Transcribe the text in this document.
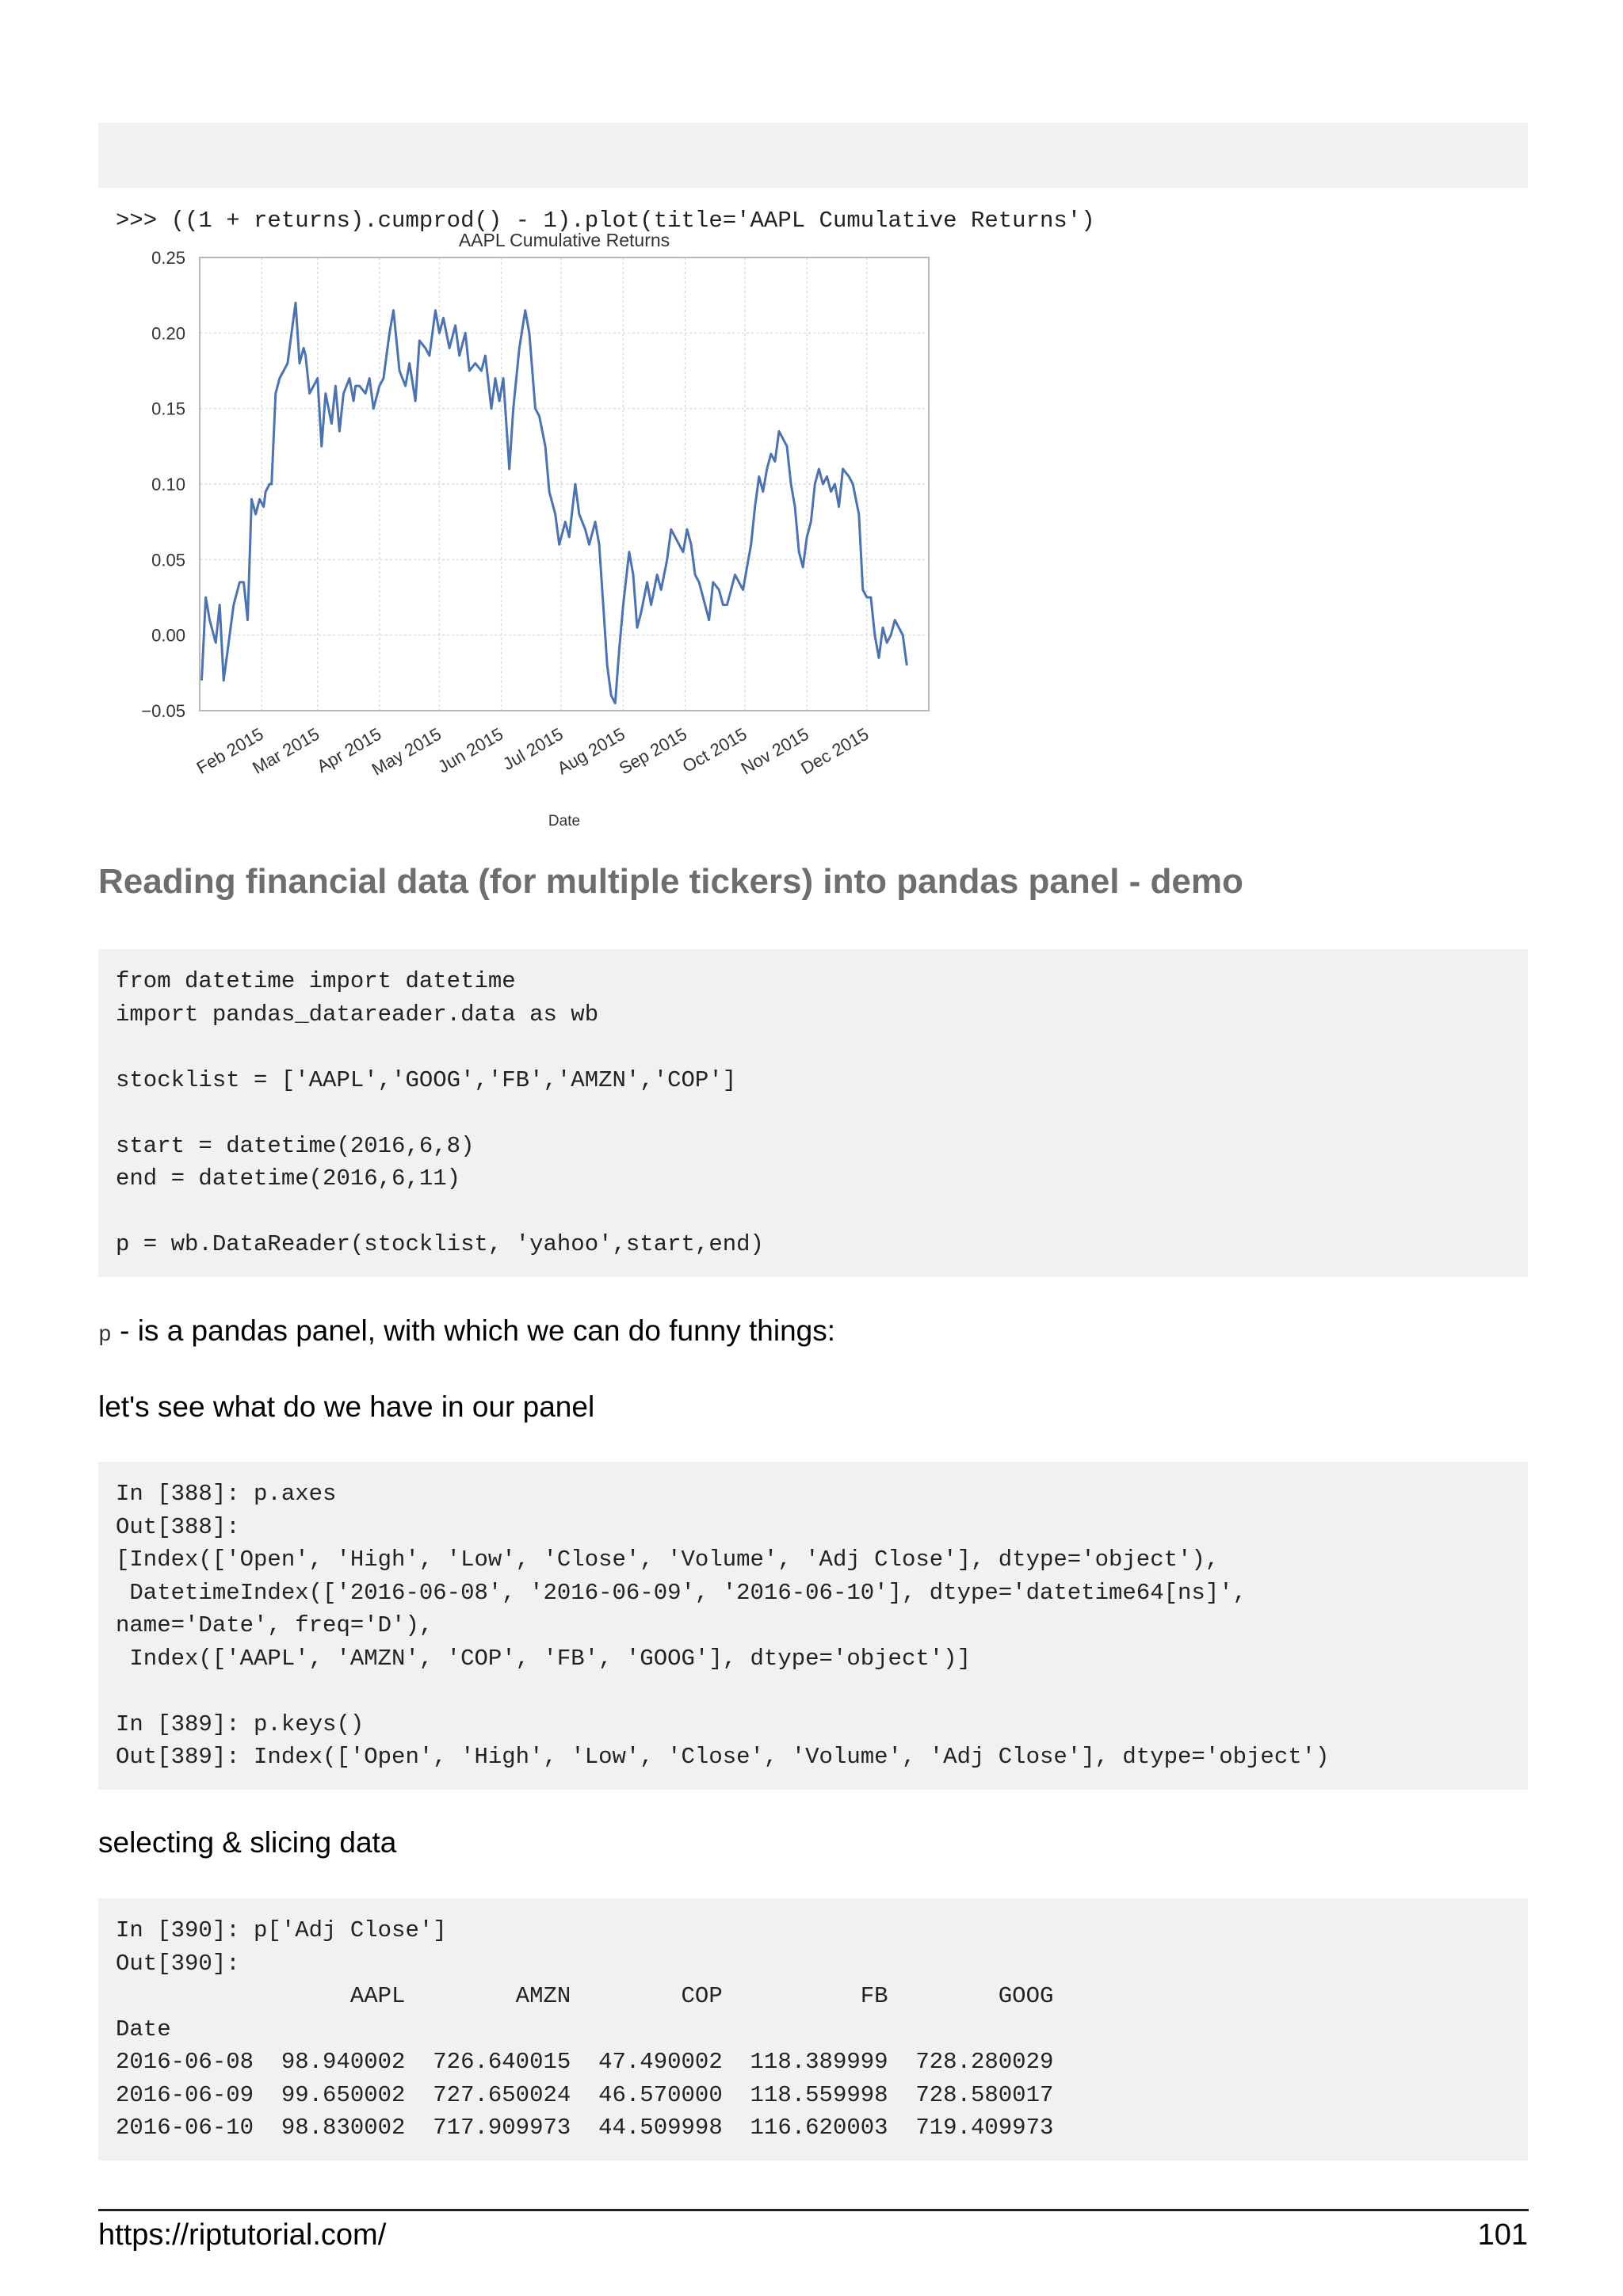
>>> ((1 + returns).cumprod() - 1).plot(title='AAPL Cumulative Returns')

0.25
0.20
0.15
0.10
0.05
0.00
−0.05
Feb 2015
Mar 2015
Apr 2015
May 2015
Jun 2015
Jul 2015
Aug 2015
Sep 2015
Oct 2015
Nov 2015
Dec 2015
AAPL Cumulative Returns
Date
Reading financial data (for multiple tickers) into pandas panel - demo
from datetime import datetime
import pandas_datareader.data as wb
stocklist = ['AAPL','GOOG','FB','AMZN','COP']
start = datetime(2016,6,8)
end = datetime(2016,6,11)
p = wb.DataReader(stocklist, 'yahoo',start,end)

p - is a pandas panel, with which we can do funny things:

let's see what do we have in our panel

In [388]: p.axes
Out[388]:
[Index(['Open', 'High', 'Low', 'Close', 'Volume', 'Adj Close'], dtype='object'),
DatetimeIndex(['2016-06-08', '2016-06-09', '2016-06-10'], dtype='datetime64[ns]',
name='Date', freq='D'),
Index(['AAPL', 'AMZN', 'COP', 'FB', 'GOOG'], dtype='object')]
In [389]: p.keys()
Out[389]: Index(['Open', 'High', 'Low', 'Close', 'Volume', 'Adj Close'], dtype='object')

selecting & slicing data

In [390]: p['Adj Close']
Out[390]:
AAPL        AMZN        COP          FB        GOOG
Date
2016-06-08  98.940002  726.640015  47.490002  118.389999  728.280029
2016-06-09  99.650002  727.650024  46.570000  118.559998  728.580017
2016-06-10  98.830002  717.909973  44.509998  116.620003  719.409973
https://riptutorial.com/	101
